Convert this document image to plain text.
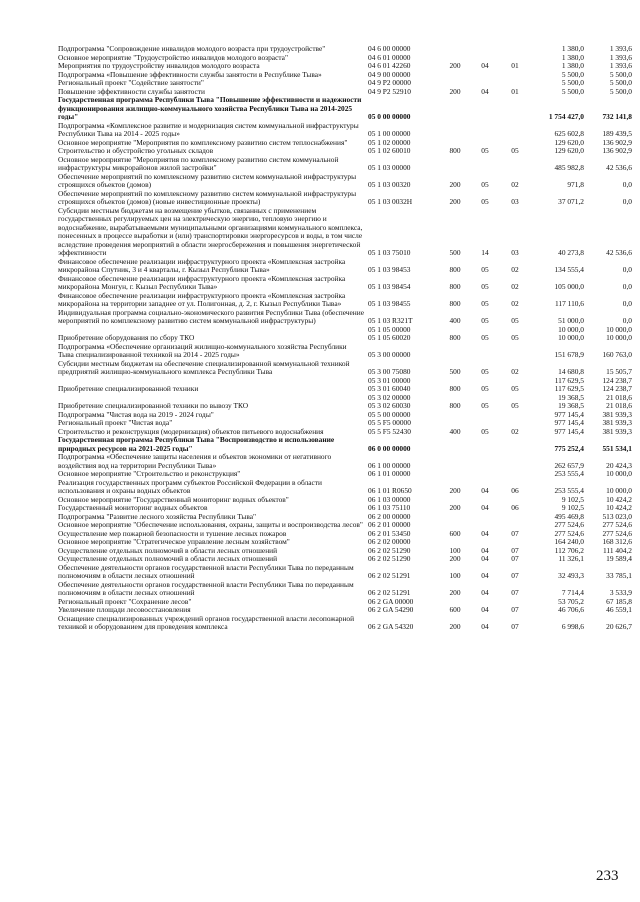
Подпрограмма "Сопровождение инвалидов молодого возраста при трудоустройстве"	04 6 00 00000				1 380,0	1 393,6
Основное мероприятие "Трудоустройство инвалидов молодого возраста"	04 6 01 00000				1 380,0	1 393,6
Мероприятия по трудоустройству инвалидов молодого возраста	04 6 01 42260	200	04	01	1 380,0	1 393,6
Подпрограмма «Повышение эффективности службы занятости в Республике Тыва»	04 9 00 00000				5 500,0	5 500,0
Региональный проект "Содействие занятости"	04 9 P2 00000				5 500,0	5 500,0
Повышение эффективности службы занятости	04 9 P2 52910	200	04	01	5 500,0	5 500,0
Государственная программа Республики Тыва "Повышение эффективности и надежности функционирования жилищно-коммунального хозяйства Республики Тыва на 2014-2025 годы"	05 0 00 00000				1 754 427,0	732 141,8
Подпрограмма «Комплексное развитие и модернизация систем коммунальной инфраструктуры Республики Тыва на 2014 - 2025 годы»	05 1 00 00000				625 602,8	189 439,5
Основное мероприятие "Мероприятия по комплексному развитию систем теплоснабжения"	05 1 02 00000				129 620,0	136 902,9
Строительство и обустройство угольных складов	05 1 02 60010	800	05	05	129 620,0	136 902,9
Основное мероприятие "Мероприятия по комплексному развитию систем коммунальной инфраструктуры микрорайонов жилой застройки"	05 1 03 00000				485 982,8	42 536,6
Обеспечение мероприятий по комплексному развитию систем коммунальной инфраструктуры строящихся объектов (домов)	05 1 03 00320	200	05	02	971,8	0,0
Обеспечение мероприятий по комплексному развитию систем коммунальной инфраструктуры строящихся объектов (домов) (новые инвестиционные проекты)	05 1 03 0032Н	200	05	03	37 071,2	0,0
Субсидии местным бюджетам на возмещение убытков, связанных с применением государственных регулируемых цен на электрическую энергию, тепловую энергию и водоснабжение, вырабатываемыми муниципальными организациями коммунального комплекса, понесенных в процессе выработки и (или) транспортировки энергоресурсов и воды, в том числе вследствие проведения мероприятий в области энергосбережения и повышения энергетической эффективности	05 1 03 75010	500	14	03	40 273,8	42 536,6
Финансовое обеспечение реализации инфраструктурного проекта «Комплексная застройка микрорайона Спутник, 3 и 4 кварталы, г. Кызыл Республики Тыва»	05 1 03 98453	800	05	02	134 555,4	0,0
Финансовое обеспечение реализации инфраструктурного проекта «Комплексная застройка микрорайона Монгун, г. Кызыл Республики Тыва»	05 1 03 98454	800	05	02	105 000,0	0,0
Финансовое обеспечение реализации инфраструктурного проекта «Комплексная застройка микрорайона на территории западнее от ул. Полигонная, д. 2, г. Кызыл Республики Тыва»	05 1 03 98455	800	05	02	117 110,6	0,0
Индивидуальная программа социально-экономического развития Республики Тыва (обеспечение мероприятий по комплексному развитию систем коммунальной инфраструктуры)	05 1 03 R321T	400	05	05	51 000,0	0,0
	05 1 05 00000				10 000,0	10 000,0
Приобретение оборудования по сбору ТКО	05 1 05 60020	800	05	05	10 000,0	10 000,0
Подпрограмма «Обеспечение организаций жилищно-коммунального хозяйства Республики Тыва специализированной техникой на 2014 - 2025 годы»	05 3 00 00000				151 678,9	160 763,0
Субсидии местным бюджетам на обеспечение специализированной коммунальной техникой предприятий жилищно-коммунального комплекса Республики Тыва	05 3 00 75080	500	05	02	14 680,8	15 505,7
	05 3 01 00000				117 629,5	124 238,7
Приобретение специализированной техники	05 3 01 60040	800	05	05	117 629,5	124 238,7
	05 3 02 00000				19 368,5	21 018,6
Приобретение специализированной техники по вывозу ТКО	05 3 02 60030	800	05	05	19 368,5	21 018,6
Подпрограмма "Чистая вода на 2019 - 2024 годы"	05 5 00 00000				977 145,4	381 939,3
Региональный проект "Чистая вода"	05 5 F5 00000				977 145,4	381 939,3
Строительство и реконструкция (модернизация) объектов питьевого водоснабжения	05 5 F5 52430	400	05	02	977 145,4	381 939,3
Государственная программа Республики Тыва "Воспроизводство и использование природных ресурсов на 2021-2025 годы"	06 0 00 00000				775 252,4	551 534,1
Подпрограмма «Обеспечение защиты населения и объектов экономики от негативного воздействия вод на территории Республики Тыва»	06 1 00 00000				262 657,9	20 424,3
Основное мероприятие "Строительство и реконструкция"	06 1 01 00000				253 555,4	10 000,0
Реализация государственных программ субъектов Российской Федерации в области использования и охраны водных объектов	06 1 01 R0650	200	04	06	253 555,4	10 000,0
Основное мероприятие "Государственный мониторинг водных объектов"	06 1 03 00000				9 102,5	10 424,2
Государственный мониторинг водных объектов	06 1 03 75110	200	04	06	9 102,5	10 424,2
Подпрограмма "Развитие лесного хозяйства Республики Тыва"	06 2 00 00000				495 469,8	513 023,0
Основное мероприятие "Обеспечение использования, охраны, защиты и воспроизводства лесов"	06 2 01 00000				277 524,6	277 524,6
Осуществление мер пожарной безопасности и тушение лесных пожаров	06 2 01 53450	600	04	07	277 524,6	277 524,6
Основное мероприятие "Стратегическое управление лесным хозяйством"	06 2 02 00000				164 240,0	168 312,6
Осуществление отдельных полномочий в области лесных отношений	06 2 02 51290	100	04	07	112 706,2	111 404,2
Осуществление отдельных полномочий в области лесных отношений	06 2 02 51290	200	04	07	11 326,1	19 589,4
Обеспечение деятельности органов государственной власти Республики Тыва по переданным полномочиям в области лесных отношений	06 2 02 51291	100	04	07	32 493,3	33 785,1
Обеспечение деятельности органов государственной власти Республики Тыва по переданным полномочиям в области лесных отношений	06 2 02 51291	200	04	07	7 714,4	3 533,9
Региональный проект "Сохранение лесов"	06 2 GA 00000				53 705,2	67 185,8
Увеличение площади лесовосстановления	06 2 GA 54290	600	04	07	46 706,6	46 559,1
Оснащение специализированных учреждений органов государственной власти лесопожарной техникой и оборудованием для проведения комплекса	06 2 GA 54320	200	04	07	6 998,6	20 626,7
233
